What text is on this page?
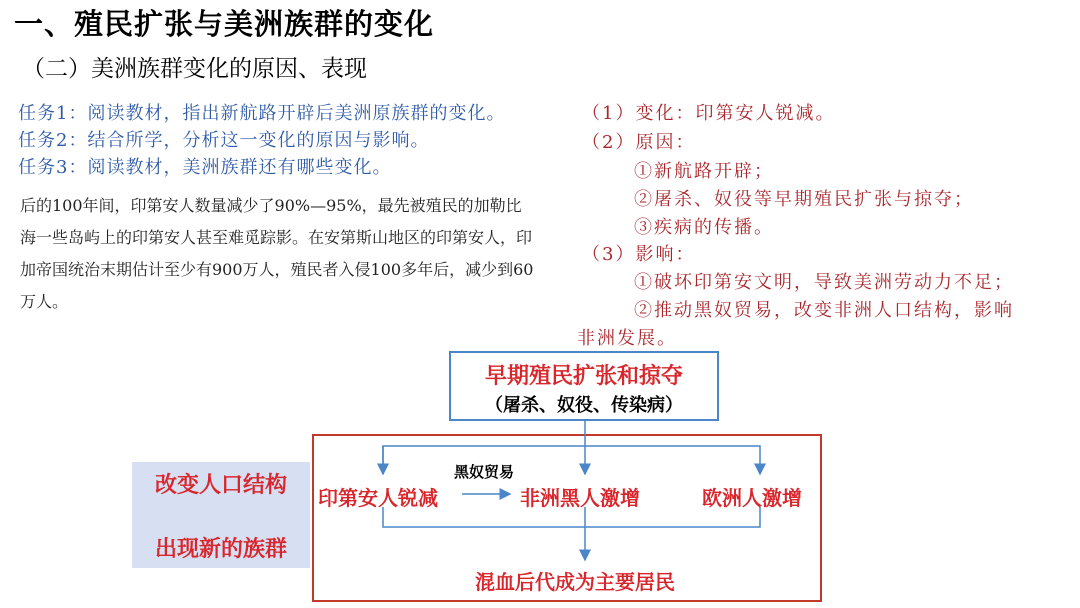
一、殖民扩张与美洲族群的变化
（二）美洲族群变化的原因、表现
任务1：阅读教材，指出新航路开辟后美洲原族群的变化。
任务2：结合所学，分析这一变化的原因与影响。
任务3：阅读教材，美洲族群还有哪些变化。

后的100年间，印第安人数量减少了90%—95%，最先被殖民的加勒比海一些岛屿上的印第安人甚至难觅踪影。在安第斯山地区的印第安人，印加帝国统治末期估计至少有900万人，殖民者入侵100多年后，减少到60万人。

（1）变化：印第安人锐减。
（2）原因：
①新航路开辟；
②屠杀、奴役等早期殖民扩张与掠夺；
③疾病的传播。
（3）影响：
①破坏印第安文明，导致美洲劳动力不足；
②推动黑奴贸易，改变非洲人口结构，影响
非洲发展。
早期殖民扩张和掠夺
（屠杀、奴役、传染病）
改变人口结构
出现新的族群
印第安人锐减
黑奴贸易
非洲黑人激增	欧洲人激增
混血后代成为主要居民
